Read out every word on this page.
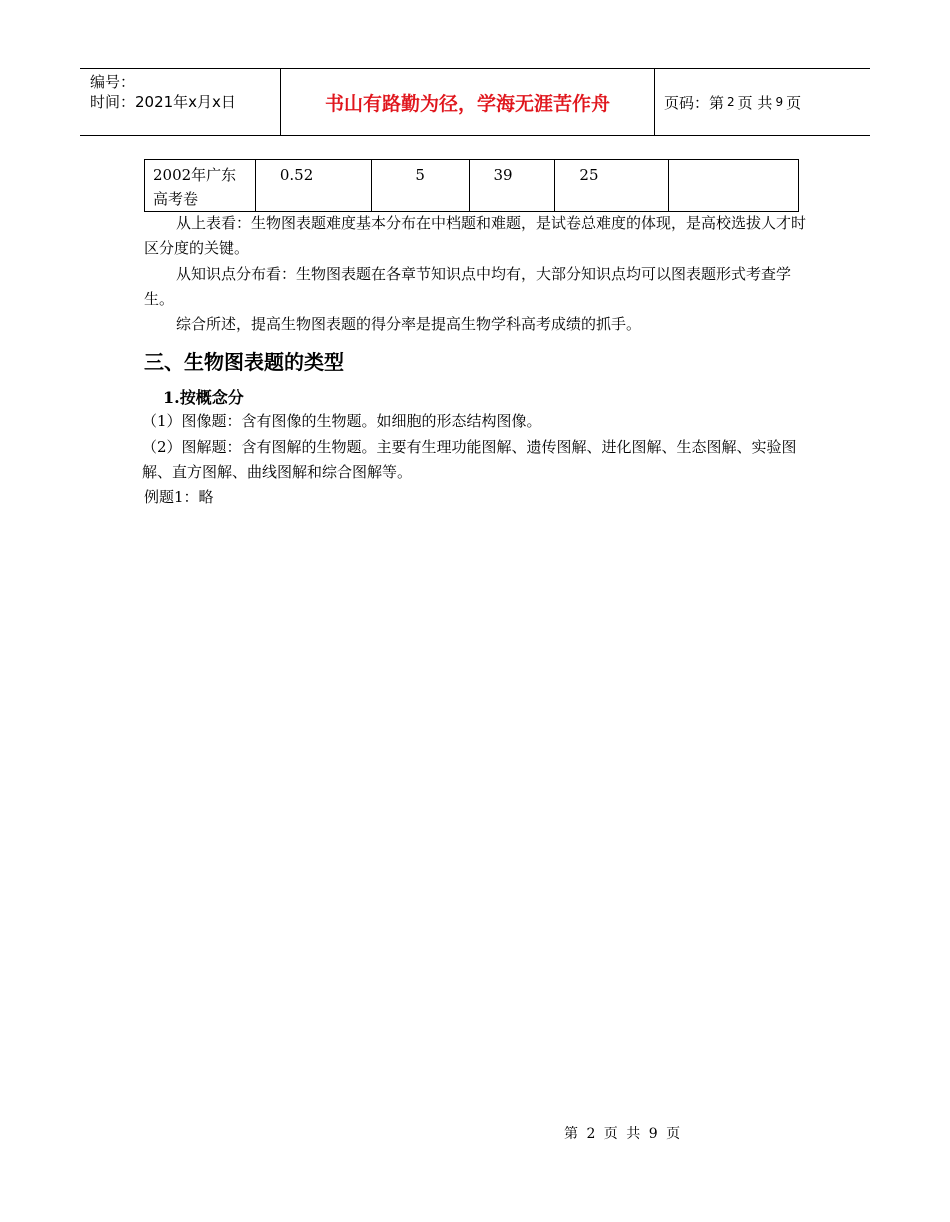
编号：
时间：2021年x月x日	书山有路勤为径，学海无涯苦作舟	页码：第 2 页 共 9 页
2002年广东高考卷	0.52	5	39	25	

从上表看：生物图表题难度基本分布在中档题和难题，是试卷总难度的体现，是高校选拔人才时区分度的关键。

从知识点分布看：生物图表题在各章节知识点中均有，大部分知识点均可以图表题形式考查学生。

综合所述，提高生物图表题的得分率是提高生物学科高考成绩的抓手。

三、生物图表题的类型
1.按概念分

（1）图像题：含有图像的生物题。如细胞的形态结构图像。

（2）图解题：含有图解的生物题。主要有生理功能图解、遗传图解、进化图解、生态图解、实验图解、直方图解、曲线图解和综合图解等。

例题1：略

第 2 页 共 9 页
